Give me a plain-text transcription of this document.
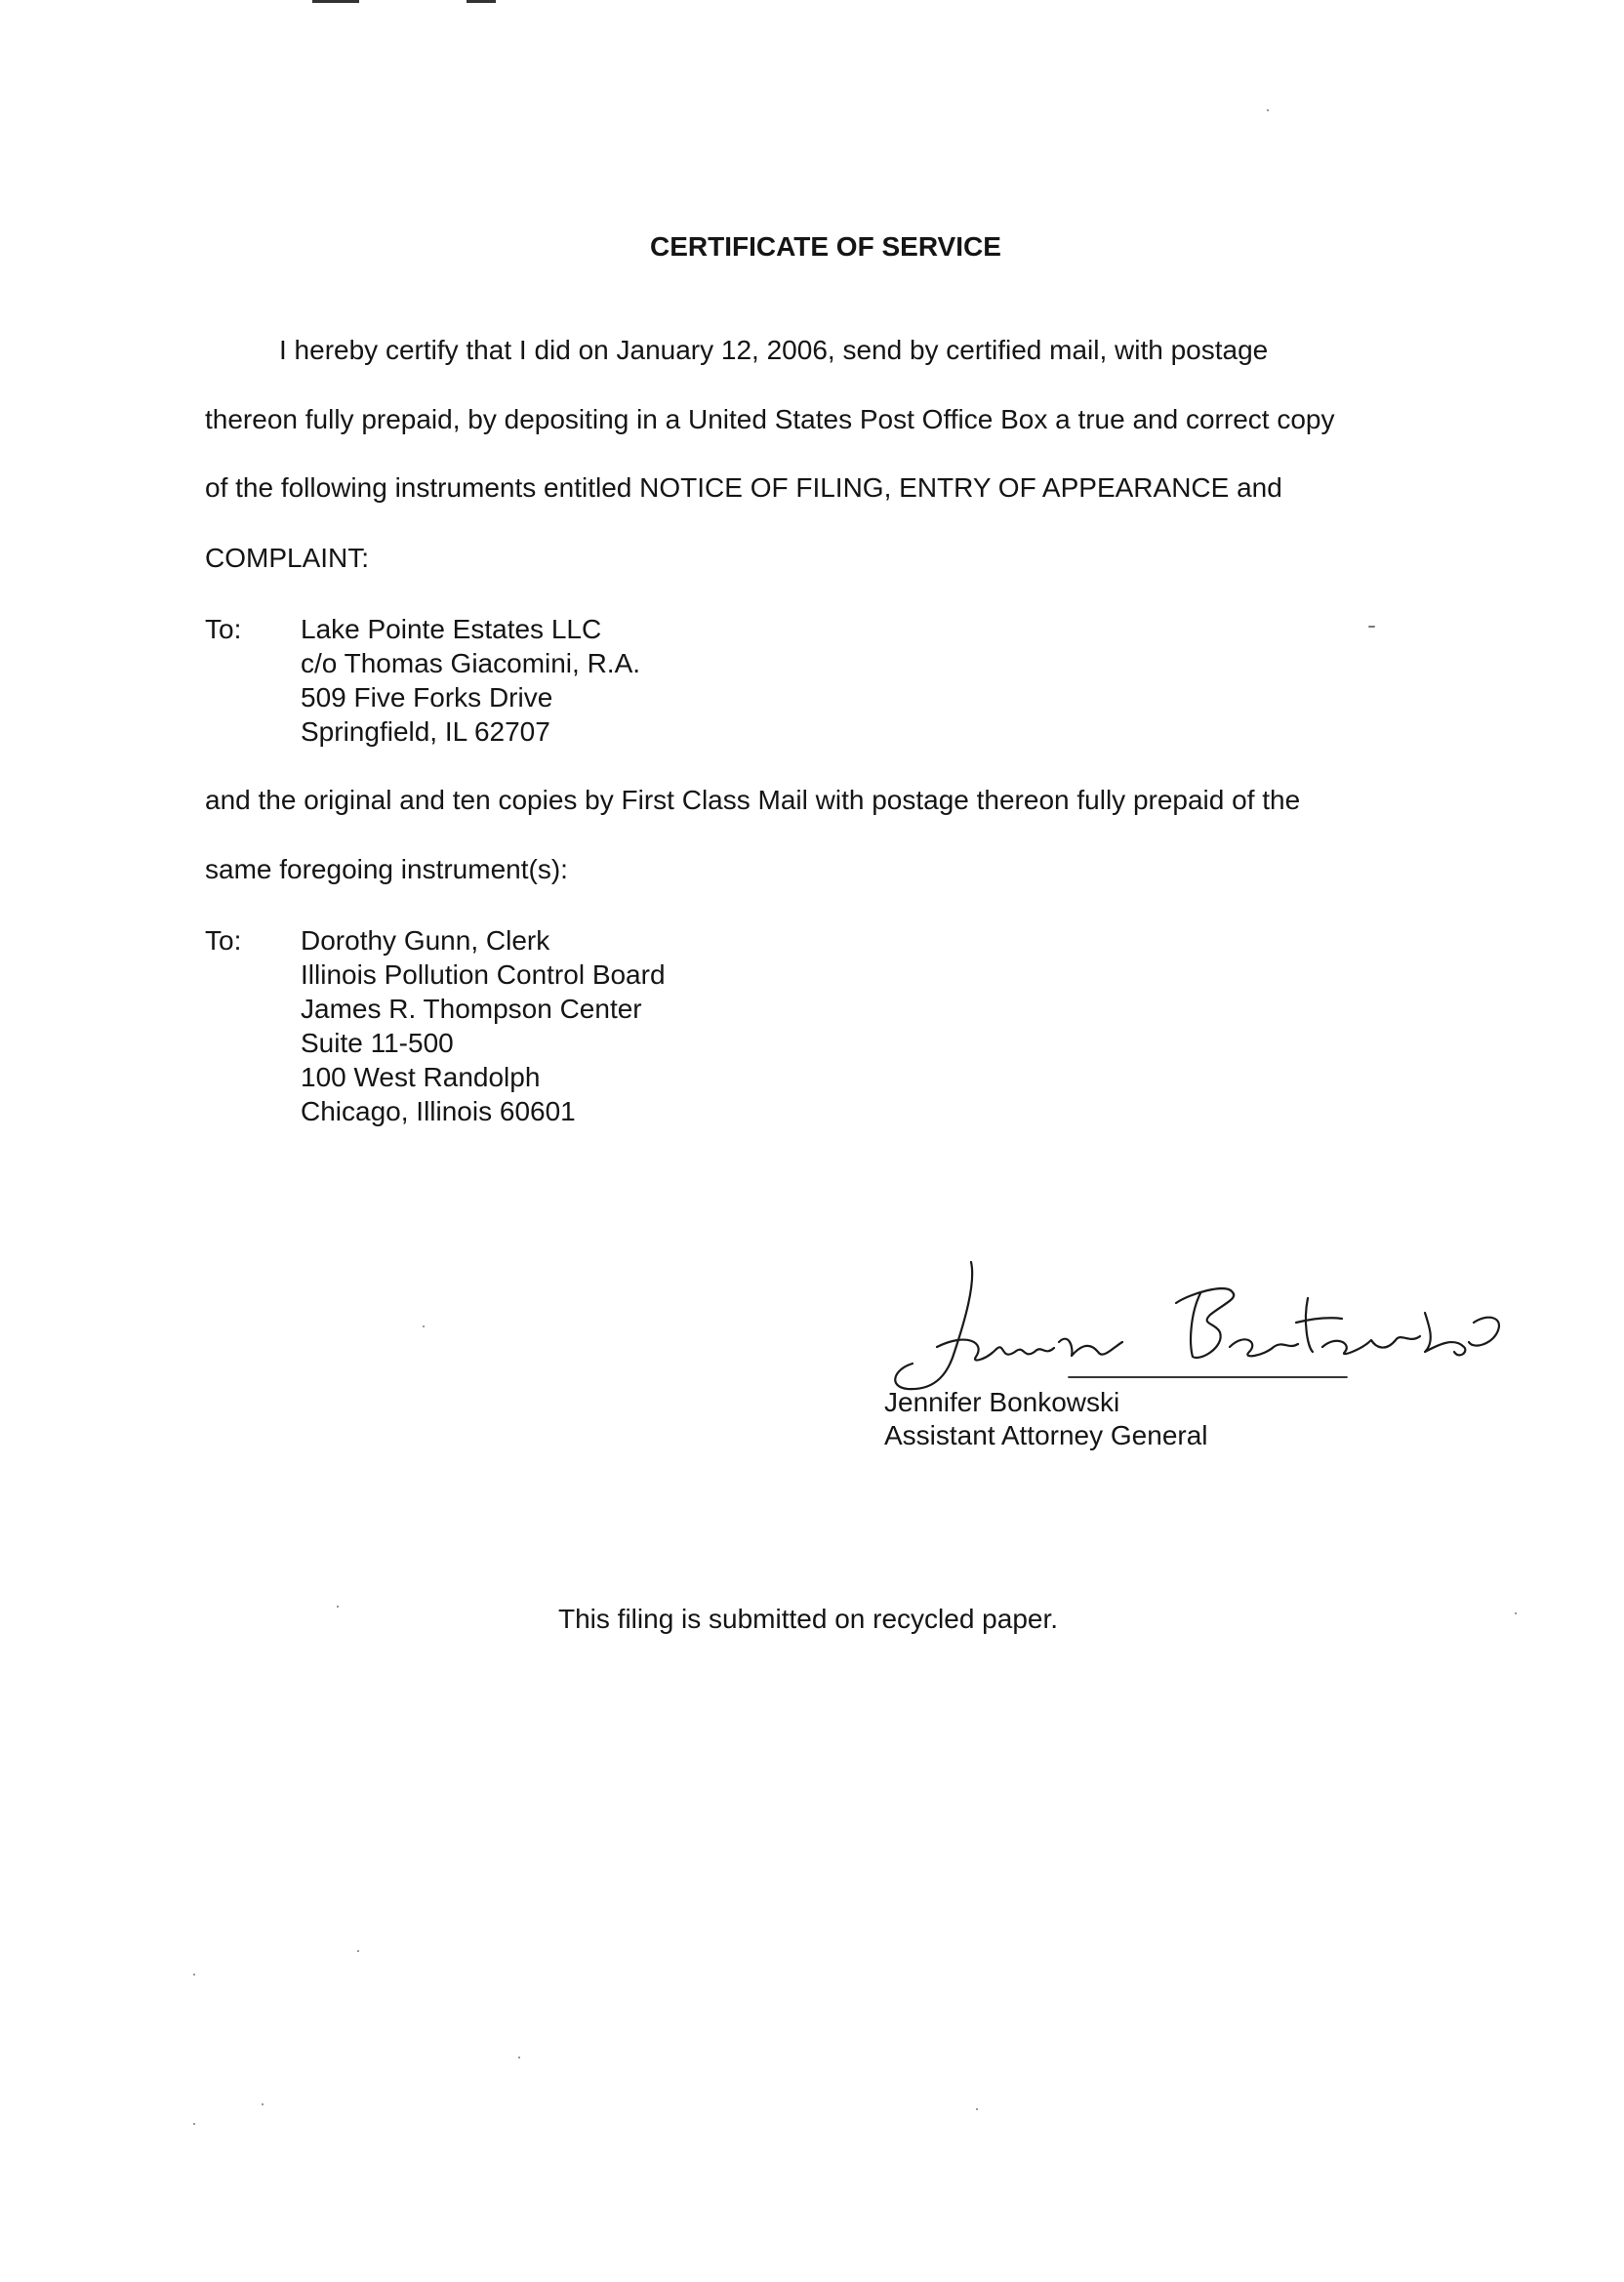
CERTIFICATE OF SERVICE
I hereby certify that I did on January 12, 2006, send by certified mail, with postage
thereon fully prepaid, by depositing in a United States Post Office Box a true and correct copy
of the following instruments entitled NOTICE OF FILING, ENTRY OF APPEARANCE and
COMPLAINT:
To: Lake Pointe Estates LLC
c/o Thomas Giacomini, R.A.
509 Five Forks Drive
Springfield, IL 62707
and the original and ten copies by First Class Mail with postage thereon fully prepaid of the
same foregoing instrument(s):
To: Dorothy Gunn, Clerk
Illinois Pollution Control Board
James R. Thompson Center
Suite 11-500
100 West Randolph
Chicago, Illinois 60601
Jennifer Bonkowski
Assistant Attorney General
This filing is submitted on recycled paper.
